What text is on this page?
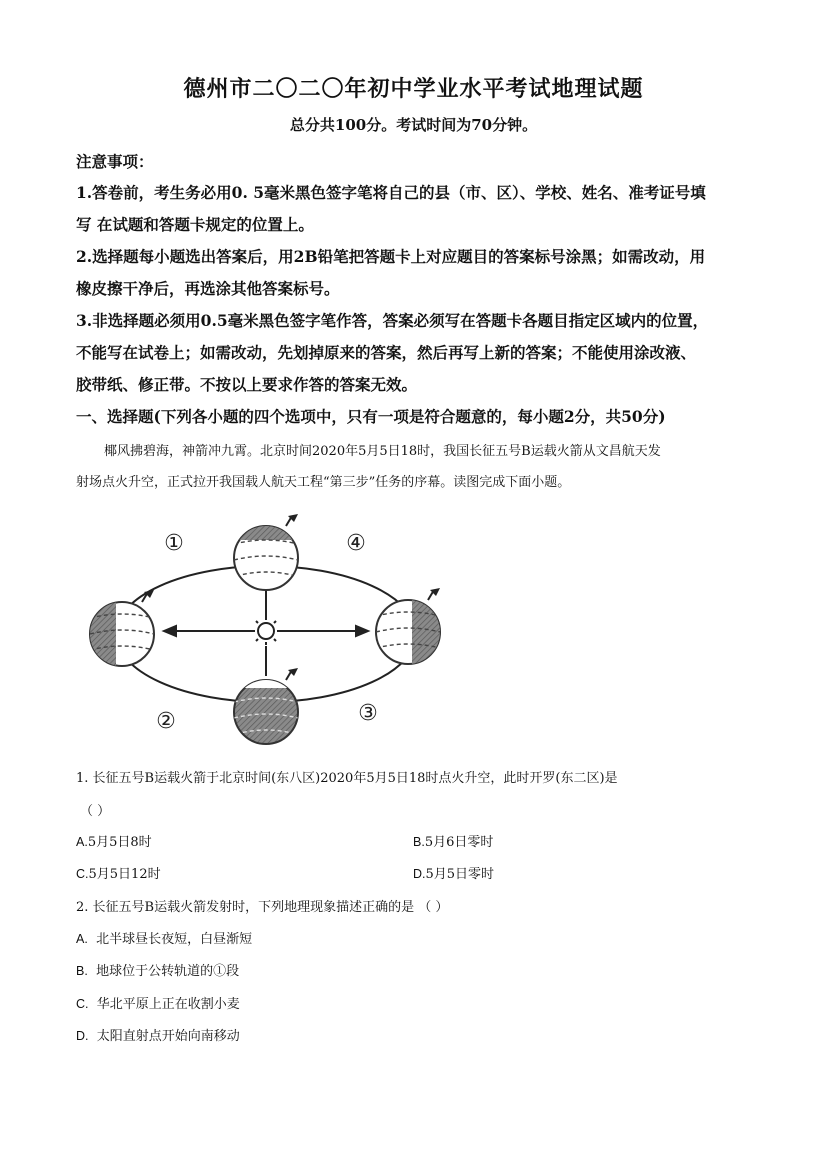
德州市二〇二〇年初中学业水平考试地理试题
总分共100分。考试时间为70分钟。
注意事项：
1.答卷前，考生务必用0. 5毫米黑色签字笔将自己的县（市、区）、学校、姓名、准考证号填
写 在试题和答题卡规定的位置上。
2.选择题每小题选出答案后，用2B铅笔把答题卡上对应题目的答案标号涂黑；如需改动，用
橡皮擦干净后，再选涂其他答案标号。
3.非选择题必须用0.5毫米黑色签字笔作答，答案必须写在答题卡各题目指定区域内的位置，
不能写在试卷上；如需改动，先划掉原来的答案，然后再写上新的答案；不能使用涂改液、
胶带纸、修正带。不按以上要求作答的答案无效。
一、选择题(下列各小题的四个选项中，只有一项是符合题意的，每小题2分，共50分)
椰风拂碧海，神箭冲九霄。北京时间2020年5月5日18时，我国长征五号B运载火箭从文昌航天发
射场点火升空，正式拉开我国载人航天工程“第三步”任务的序幕。读图完成下面小题。
①	④
②	③
1. 长征五号B运载火箭于北京时间(东八区)2020年5月5日18时点火升空，此时开罗(东二区)是
（ ）
A.5月5日8时	B.5月6日零时
C.5月5日12时	D.5月5日零时
2. 长征五号B运载火箭发射时，下列地理现象描述正确的是 （ ）
A. 北半球昼长夜短，白昼渐短
B. 地球位于公转轨道的①段
C. 华北平原上正在收割小麦
D. 太阳直射点开始向南移动
